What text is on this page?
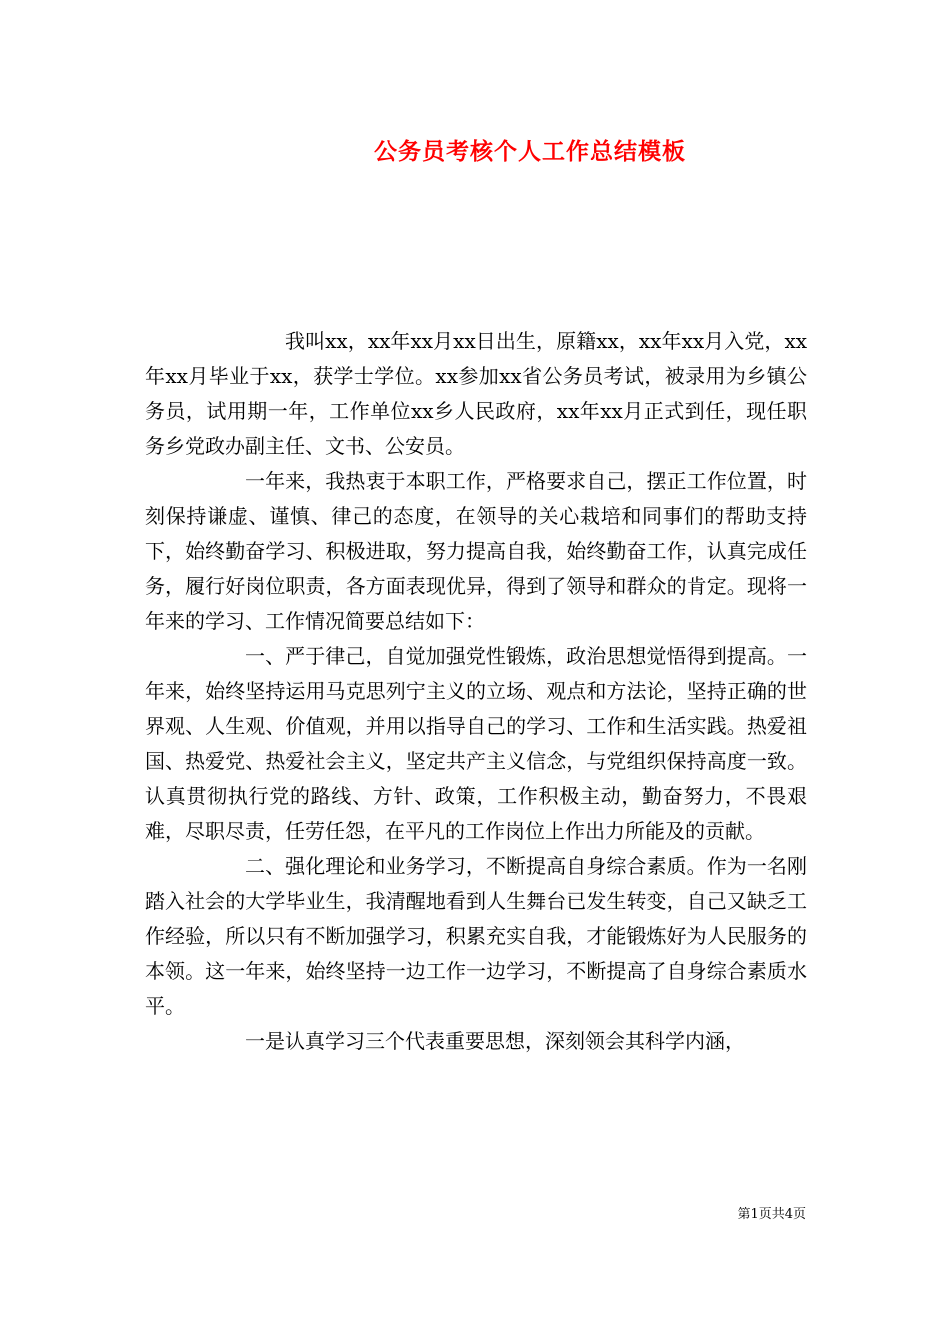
公务员考核个人工作总结模板

我叫xx，xx年xx月xx日出生，原籍xx，xx年xx月入党，xx年xx月毕业于xx，获学士学位。xx参加xx省公务员考试，被录用为乡镇公务员，试用期一年，工作单位xx乡人民政府，xx年xx月正式到任，现任职务乡党政办副主任、文书、公安员。

一年来，我热衷于本职工作，严格要求自己，摆正工作位置，时刻保持谦虚、谨慎、律己的态度，在领导的关心栽培和同事们的帮助支持下，始终勤奋学习、积极进取，努力提高自我，始终勤奋工作，认真完成任务，履行好岗位职责，各方面表现优异，得到了领导和群众的肯定。现将一年来的学习、工作情况简要总结如下：

一、严于律己，自觉加强党性锻炼，政治思想觉悟得到提高。一年来，始终坚持运用马克思列宁主义的立场、观点和方法论，坚持正确的世界观、人生观、价值观，并用以指导自己的学习、工作和生活实践。热爱祖国、热爱党、热爱社会主义，坚定共产主义信念，与党组织保持高度一致。认真贯彻执行党的路线、方针、政策，工作积极主动，勤奋努力，不畏艰难，尽职尽责，任劳任怨，在平凡的工作岗位上作出力所能及的贡献。

二、强化理论和业务学习，不断提高自身综合素质。作为一名刚踏入社会的大学毕业生，我清醒地看到人生舞台已发生转变，自己又缺乏工作经验，所以只有不断加强学习，积累充实自我，才能锻炼好为人民服务的本领。这一年来，始终坚持一边工作一边学习，不断提高了自身综合素质水平。

一是认真学习三个代表重要思想，深刻领会其科学内涵，

第1页共4页
